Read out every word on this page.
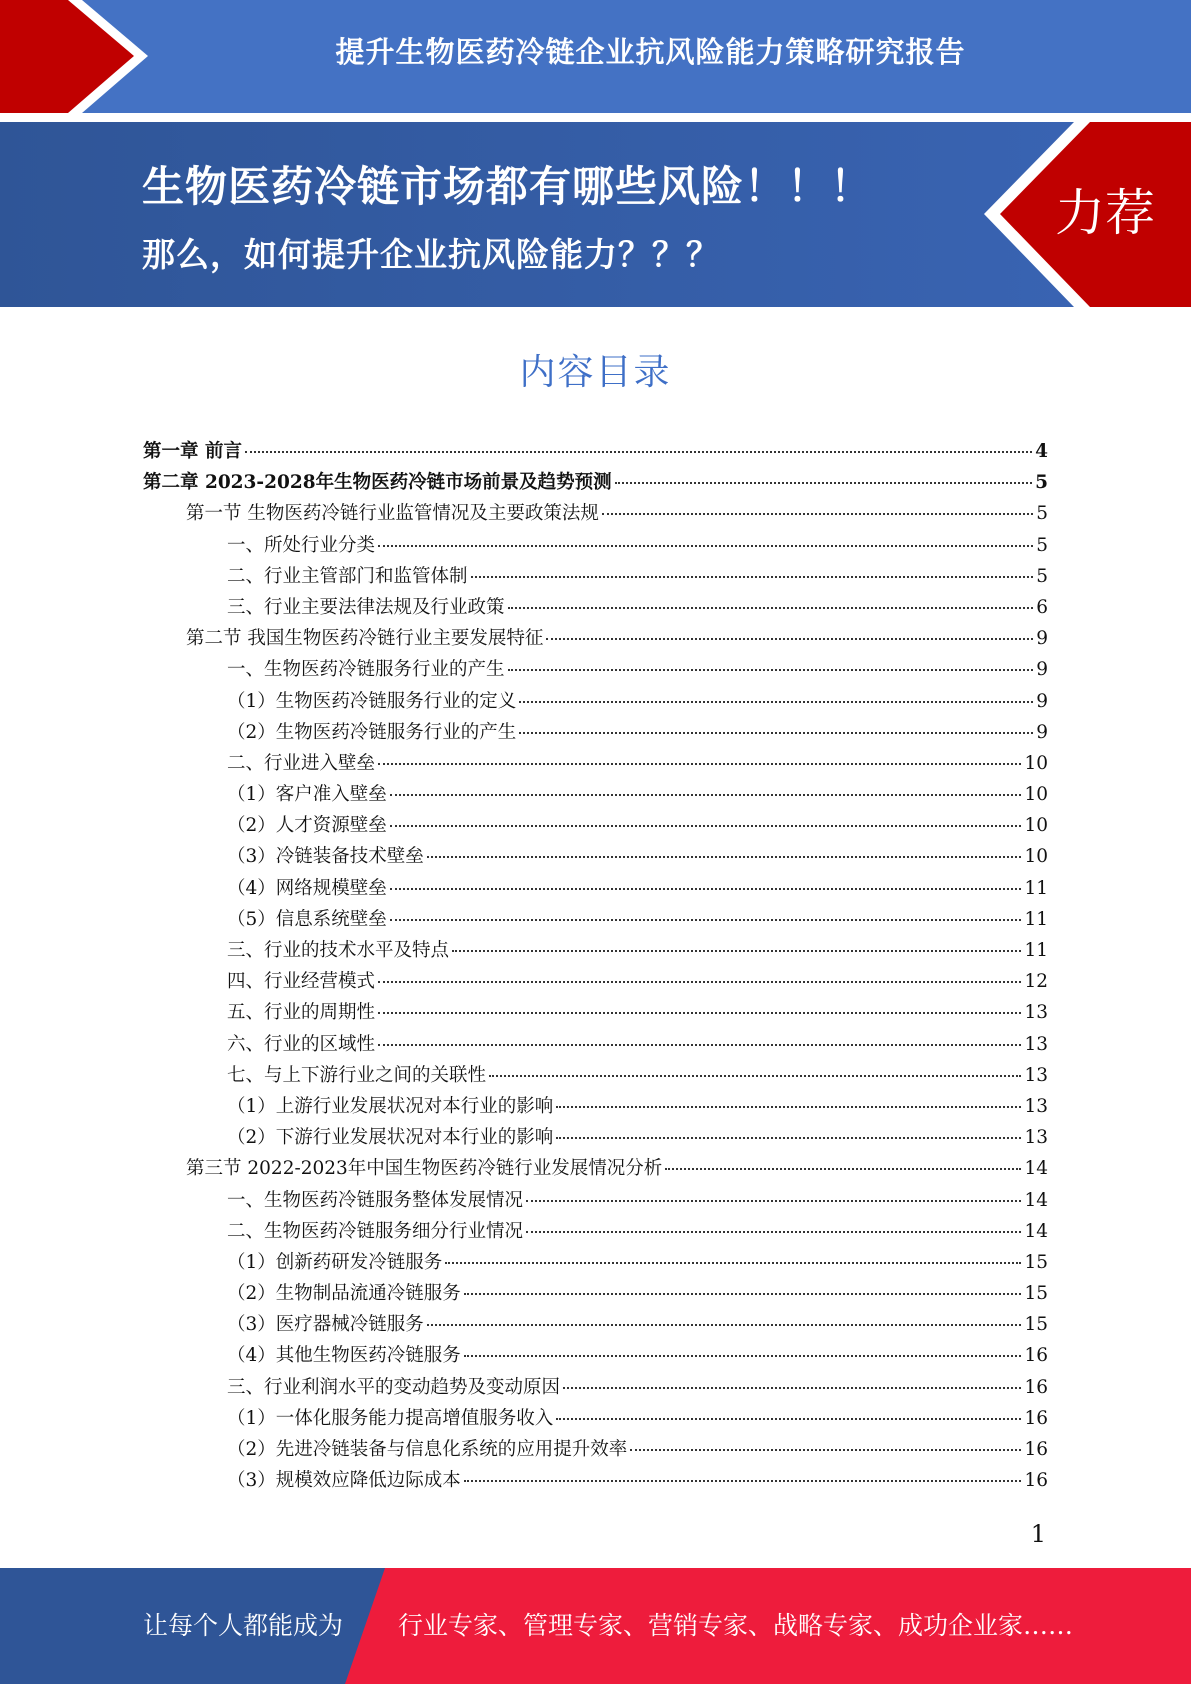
提升生物医药冷链企业抗风险能力策略研究报告
生物医药冷链市场都有哪些风险！！！
那么，如何提升企业抗风险能力？？？
力荐
内容目录
第一章 前言	4
第二章 2023-2028年生物医药冷链市场前景及趋势预测	5
第一节 生物医药冷链行业监管情况及主要政策法规	5
一、所处行业分类	5
二、行业主管部门和监管体制	5
三、行业主要法律法规及行业政策	6
第二节 我国生物医药冷链行业主要发展特征	9
一、生物医药冷链服务行业的产生	9
（1）生物医药冷链服务行业的定义	9
（2）生物医药冷链服务行业的产生	9
二、行业进入壁垒	10
（1）客户准入壁垒	10
（2）人才资源壁垒	10
（3）冷链装备技术壁垒	10
（4）网络规模壁垒	11
（5）信息系统壁垒	11
三、行业的技术水平及特点	11
四、行业经营模式	12
五、行业的周期性	13
六、行业的区域性	13
七、与上下游行业之间的关联性	13
（1）上游行业发展状况对本行业的影响	13
（2）下游行业发展状况对本行业的影响	13
第三节 2022-2023年中国生物医药冷链行业发展情况分析	14
一、生物医药冷链服务整体发展情况	14
二、生物医药冷链服务细分行业情况	14
（1）创新药研发冷链服务	15
（2）生物制品流通冷链服务	15
（3）医疗器械冷链服务	15
（4）其他生物医药冷链服务	16
三、行业利润水平的变动趋势及变动原因	16
（1）一体化服务能力提高增值服务收入	16
（2）先进冷链装备与信息化系统的应用提升效率	16
（3）规模效应降低边际成本	16
1
让每个人都能成为 行业专家、管理专家、营销专家、战略专家、成功企业家……
